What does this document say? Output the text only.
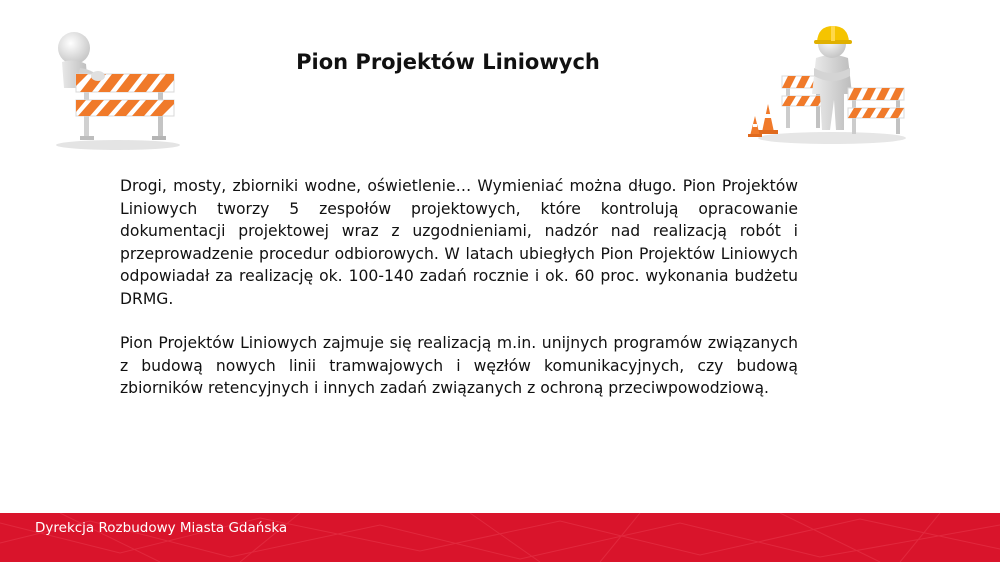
Pion Projektów Liniowych

Drogi, mosty, zbiorniki wodne, oświetlenie… Wymieniać można długo. Pion Projektów Liniowych tworzy 5 zespołów projektowych, które kontrolują opracowanie dokumentacji projektowej wraz z uzgodnieniami, nadzór nad realizacją robót i przeprowadzenie procedur odbiorowych. W latach ubiegłych Pion Projektów Liniowych odpowiadał za realizację ok. 100-140 zadań rocznie i ok. 60 proc. wykonania budżetu DRMG.

Pion Projektów Liniowych zajmuje się realizacją m.in. unijnych programów związanych z budową nowych linii tramwajowych i węzłów komunikacyjnych, czy budową zbiorników retencyjnych i innych zadań związanych z ochroną przeciwpowodziową.

Dyrekcja Rozbudowy Miasta Gdańska
